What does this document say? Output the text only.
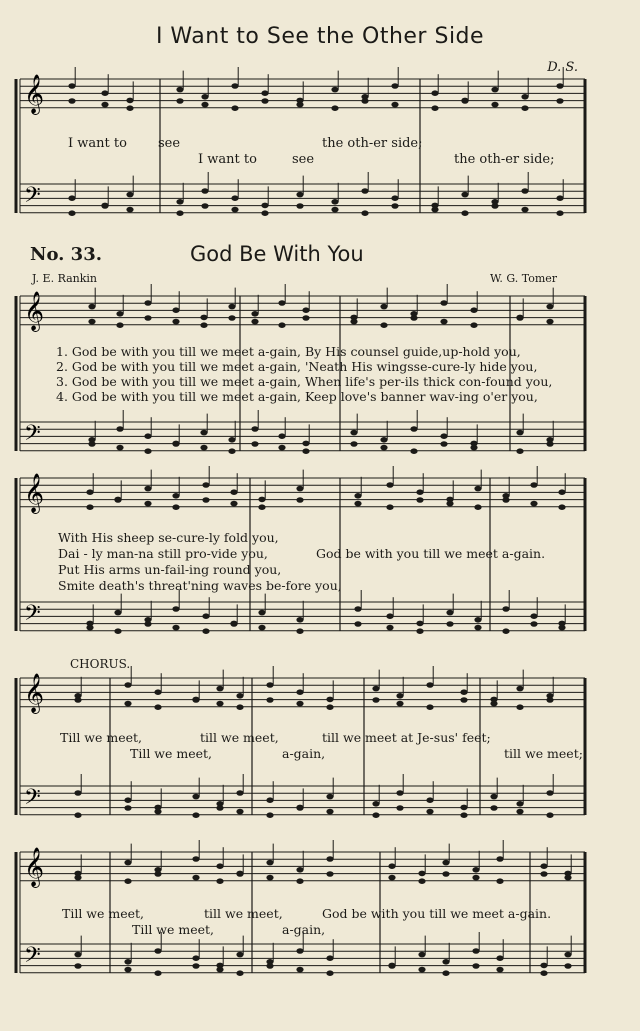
I Want to See the Other Side
D. S.
I want to see	the oth-er side;
I want to	see	the oth-er side;
No. 33.	God Be With You
J. E. Rankin	W. G. Tomer
1. God be with you till we meet a-gain, By His counsel guide,up-hold you,
2. God be with you till we meet a-gain, 'Neath His wingsse-cure-ly hide you,
3. God be with you till we meet a-gain, When life's per-ils thick con-found you,
4. God be with you till we meet a-gain, Keep love's banner wav-ing o'er you,
With His sheep se-cure-ly fold you,
Dai - ly man-na still pro-vide you,	God be with you till we meet a-gain.
Put His arms un-fail-ing round you,
Smite death's threat'ning waves be-fore you,
CHORUS.
Till we meet,	till we meet,	till we meet at Je-sus' feet;
Till we meet,	a-gain,	till we meet;
Till we meet,	till we meet,	God be with you till we meet a-gain.
Till we meet,	a-gain,
𝄞
𝄢
𝄞
𝄢
𝄞
𝄢
𝄞
𝄢
𝄞
𝄢
